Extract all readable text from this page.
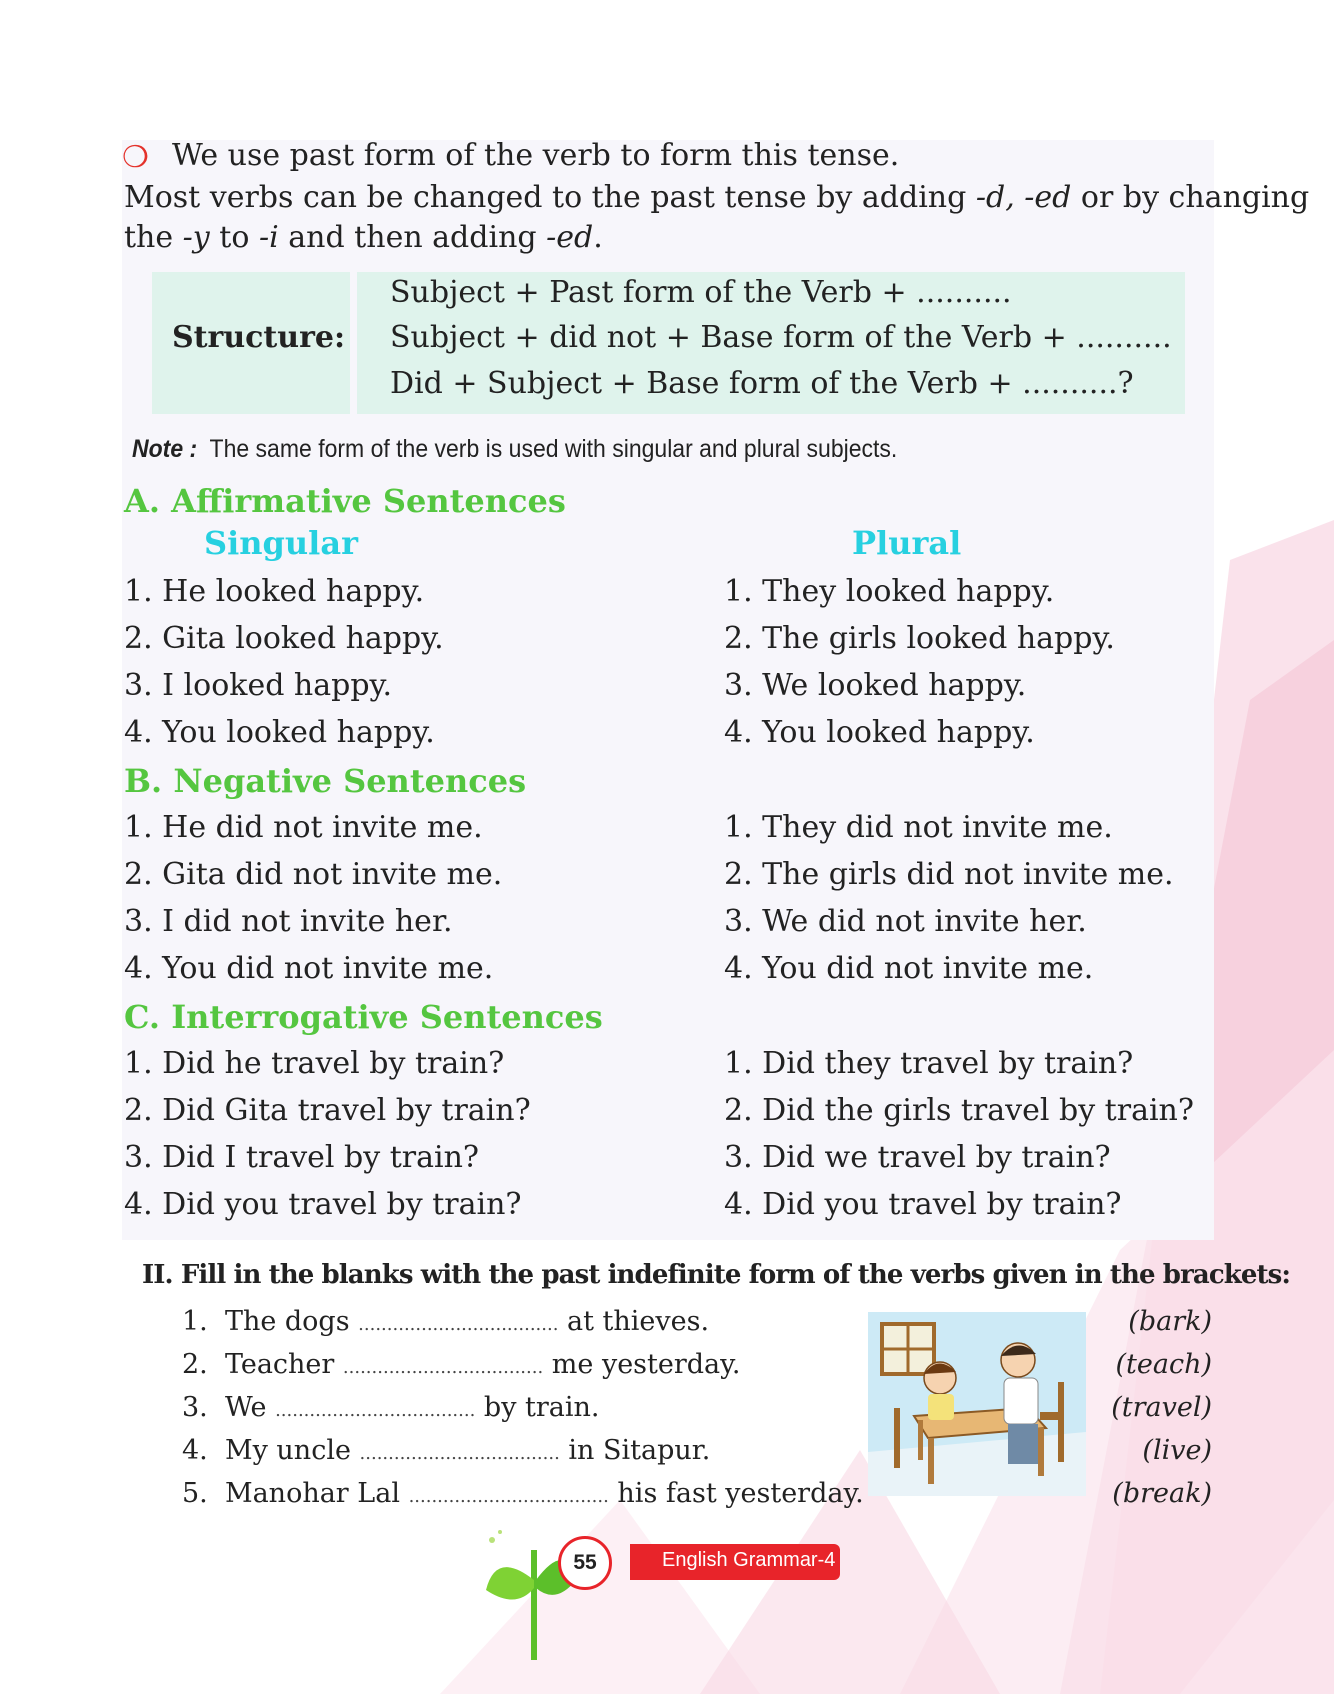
❍ We use past form of the verb to form this tense.
Most verbs can be changed to the past tense by adding -d, -ed or by changing
the -y to -i and then adding -ed.
Structure:
Subject + Past form of the Verb + ..........
Subject + did not + Base form of the Verb + ..........
Did + Subject + Base form of the Verb + ..........?
Note : The same form of the verb is used with singular and plural subjects.
A. Affirmative Sentences
Singular	Plural
1. He looked happy.
2. Gita looked happy.
3. I looked happy.
4. You looked happy.
1. They looked happy.
2. The girls looked happy.
3. We looked happy.
4. You looked happy.
B. Negative Sentences
1. He did not invite me.
2. Gita did not invite me.
3. I did not invite her.
4. You did not invite me.
1. They did not invite me.
2. The girls did not invite me.
3. We did not invite her.
4. You did not invite me.
C. Interrogative Sentences
1. Did he travel by train?
2. Did Gita travel by train?
3. Did I travel by train?
4. Did you travel by train?
1. Did they travel by train?
2. Did the girls travel by train?
3. Did we travel by train?
4. Did you travel by train?
II. Fill in the blanks with the past indefinite form of the verbs given in the brackets:
1. The dogs ................................... at thieves.
2. Teacher ................................... me yesterday.
3. We ................................... by train.
4. My uncle ................................... in Sitapur.
5. Manohar Lal ................................... his fast yesterday.
(bark)
(teach)
(travel)
(live)
(break)
English Grammar-4
55
